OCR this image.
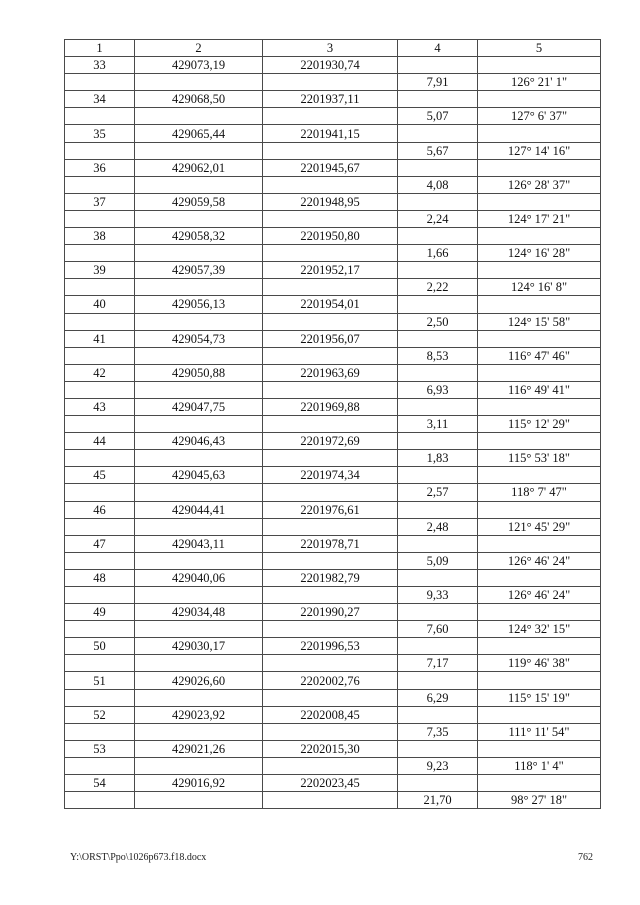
1	2	3	4	5
33	429073,19	2201930,74		
			7,91	126° 21' 1"
34	429068,50	2201937,11		
			5,07	127° 6' 37"
35	429065,44	2201941,15		
			5,67	127° 14' 16"
36	429062,01	2201945,67		
			4,08	126° 28' 37"
37	429059,58	2201948,95		
			2,24	124° 17' 21"
38	429058,32	2201950,80		
			1,66	124° 16' 28"
39	429057,39	2201952,17		
			2,22	124° 16' 8"
40	429056,13	2201954,01		
			2,50	124° 15' 58"
41	429054,73	2201956,07		
			8,53	116° 47' 46"
42	429050,88	2201963,69		
			6,93	116° 49' 41"
43	429047,75	2201969,88		
			3,11	115° 12' 29"
44	429046,43	2201972,69		
			1,83	115° 53' 18"
45	429045,63	2201974,34		
			2,57	118° 7' 47"
46	429044,41	2201976,61		
			2,48	121° 45' 29"
47	429043,11	2201978,71		
			5,09	126° 46' 24"
48	429040,06	2201982,79		
			9,33	126° 46' 24"
49	429034,48	2201990,27		
			7,60	124° 32' 15"
50	429030,17	2201996,53		
			7,17	119° 46' 38"
51	429026,60	2202002,76		
			6,29	115° 15' 19"
52	429023,92	2202008,45		
			7,35	111° 11' 54"
53	429021,26	2202015,30		
			9,23	118° 1' 4"
54	429016,92	2202023,45		
			21,70	98° 27' 18"
Y:\ORST\Ppo\1026p673.f18.docx	762
